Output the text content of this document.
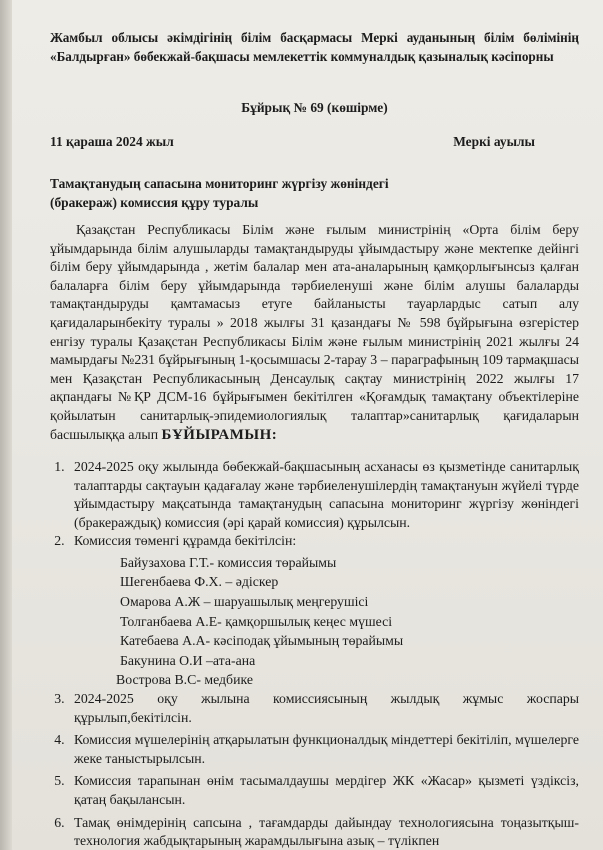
Жамбыл облысы әкімдігінің білім басқармасы Меркі ауданының білім бөлімінің «Балдырған» бөбекжай-бақшасы мемлекеттік коммуналдық қазыналық кәсіпорны

Бұйрық № 69 (көшірме)
11 қараша 2024 жыл	Меркі ауылы
Тамақтанудың сапасына мониторинг жүргізу жөніндегі (бракераж) комиссия құру туралы

Қазақстан Республикасы Білім және ғылым министрінің «Орта білім беру ұйымдарында білім алушыларды тамақтандыруды ұйымдастыру және мектепке дейінгі білім беру ұйымдарында , жетім балалар мен ата-аналарының қамқорлығынсыз қалған балаларға білім беру ұйымдарында тәрбиеленуші және білім алушы балаларды тамақтандыруды қамтамасыз етуге байланысты тауарлардыс сатып алу қағидаларынбекіту туралы » 2018 жылғы 31 қазандағы № 598 бұйрығына өзгерістер енгізу туралы Қазақстан Республикасы Білім және ғылым министрінің 2021 жылғы 24 мамырдағы №231 бұйрығының 1-қосымшасы 2-тарау 3 – параграфының 109 тармақшасы мен Қазақстан Республикасының Денсаулық сақтау министрінің 2022 жылғы 17 ақпандағы №ҚР ДСМ-16 бұйрығымен бекітілген «Қоғамдық тамақтану объектілеріне қойылатын санитарлық-эпидемиологиялық талаптар»санитарлық қағидаларын басшылыққа алып БҰЙЫРАМЫН:

1. 2024-2025 оқу жылында бөбекжай-бақшасының асханасы өз қызметінде санитарлық талаптарды сақтауын қадағалау және тәрбиеленушілердің тамақтануын жүйелі түрде ұйымдастыру мақсатында тамақтанудың сапасына мониторинг жүргізу жөніндегі (бракераждық) комиссия (әрі қарай комиссия) құрылсын.
2. Комиссия төменгі құрамда бекітілсін:
Байузахова Г.Т.- комиссия төрайымы
Шегенбаева Ф.Х. – әдіскер
Омарова А.Ж – шаруашылық меңгерушісі
Толганбаева А.Е- қамқоршылық кеңес мүшесі
Катебаева А.А- кәсіподақ ұйымының төрайымы
Бакунина О.И –ата-ана
Вострова В.С- медбике
3. 2024-2025 оқу жылына комиссиясының жылдық жұмыс жоспары құрылып,бекітілсін.
4. Комиссия мүшелерінің атқарылатын функционалдық міндеттері бекітіліп, мүшелерге жеке таныстырылсын.
5. Комиссия тарапынан өнім тасымалдаушы мердігер ЖК «Жасар» қызметі үздіксіз, қатаң бақылансын.
6. Тамақ өнімдерінің сапсына , тағамдарды дайындау технологиясына тоңазытқыш-технология жабдықтарының жарамдылығына азық – түлікпен
